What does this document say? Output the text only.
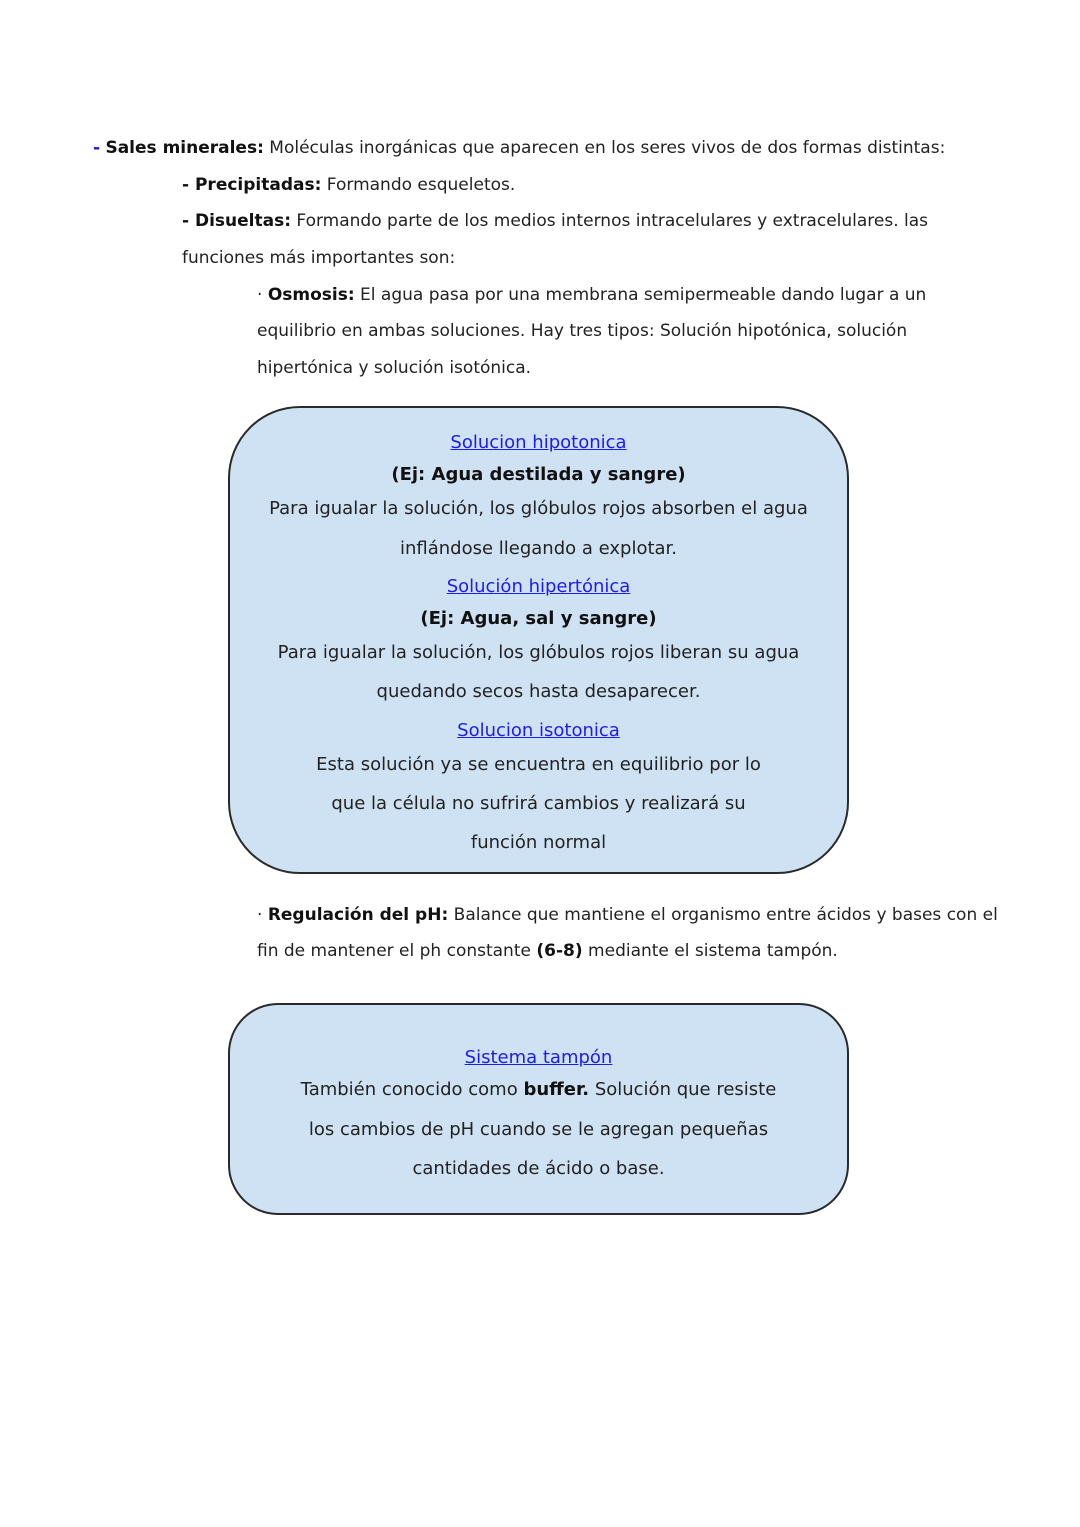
- Sales minerales: Moléculas inorgánicas que aparecen en los seres vivos de dos formas distintas:
- Precipitadas: Formando esqueletos.
- Disueltas: Formando parte de los medios internos intracelulares y extracelulares. las
funciones más importantes son:
· Osmosis: El agua pasa por una membrana semipermeable dando lugar a un
equilibrio en ambas soluciones. Hay tres tipos: Solución hipotónica, solución
hipertónica y solución isotónica.
Solucion hipotonica
(Ej: Agua destilada y sangre)
Para igualar la solución, los glóbulos rojos absorben el agua
inflándose llegando a explotar.
Solución hipertónica
(Ej: Agua, sal y sangre)
Para igualar la solución, los glóbulos rojos liberan su agua
quedando secos hasta desaparecer.
Solucion isotonica
Esta solución ya se encuentra en equilibrio por lo
que la célula no sufrirá cambios y realizará su
función normal
· Regulación del pH: Balance que mantiene el organismo entre ácidos y bases con el
fin de mantener el ph constante (6-8) mediante el sistema tampón.
Sistema tampón
También conocido como buffer. Solución que resiste
los cambios de pH cuando se le agregan pequeñas
cantidades de ácido o base.
